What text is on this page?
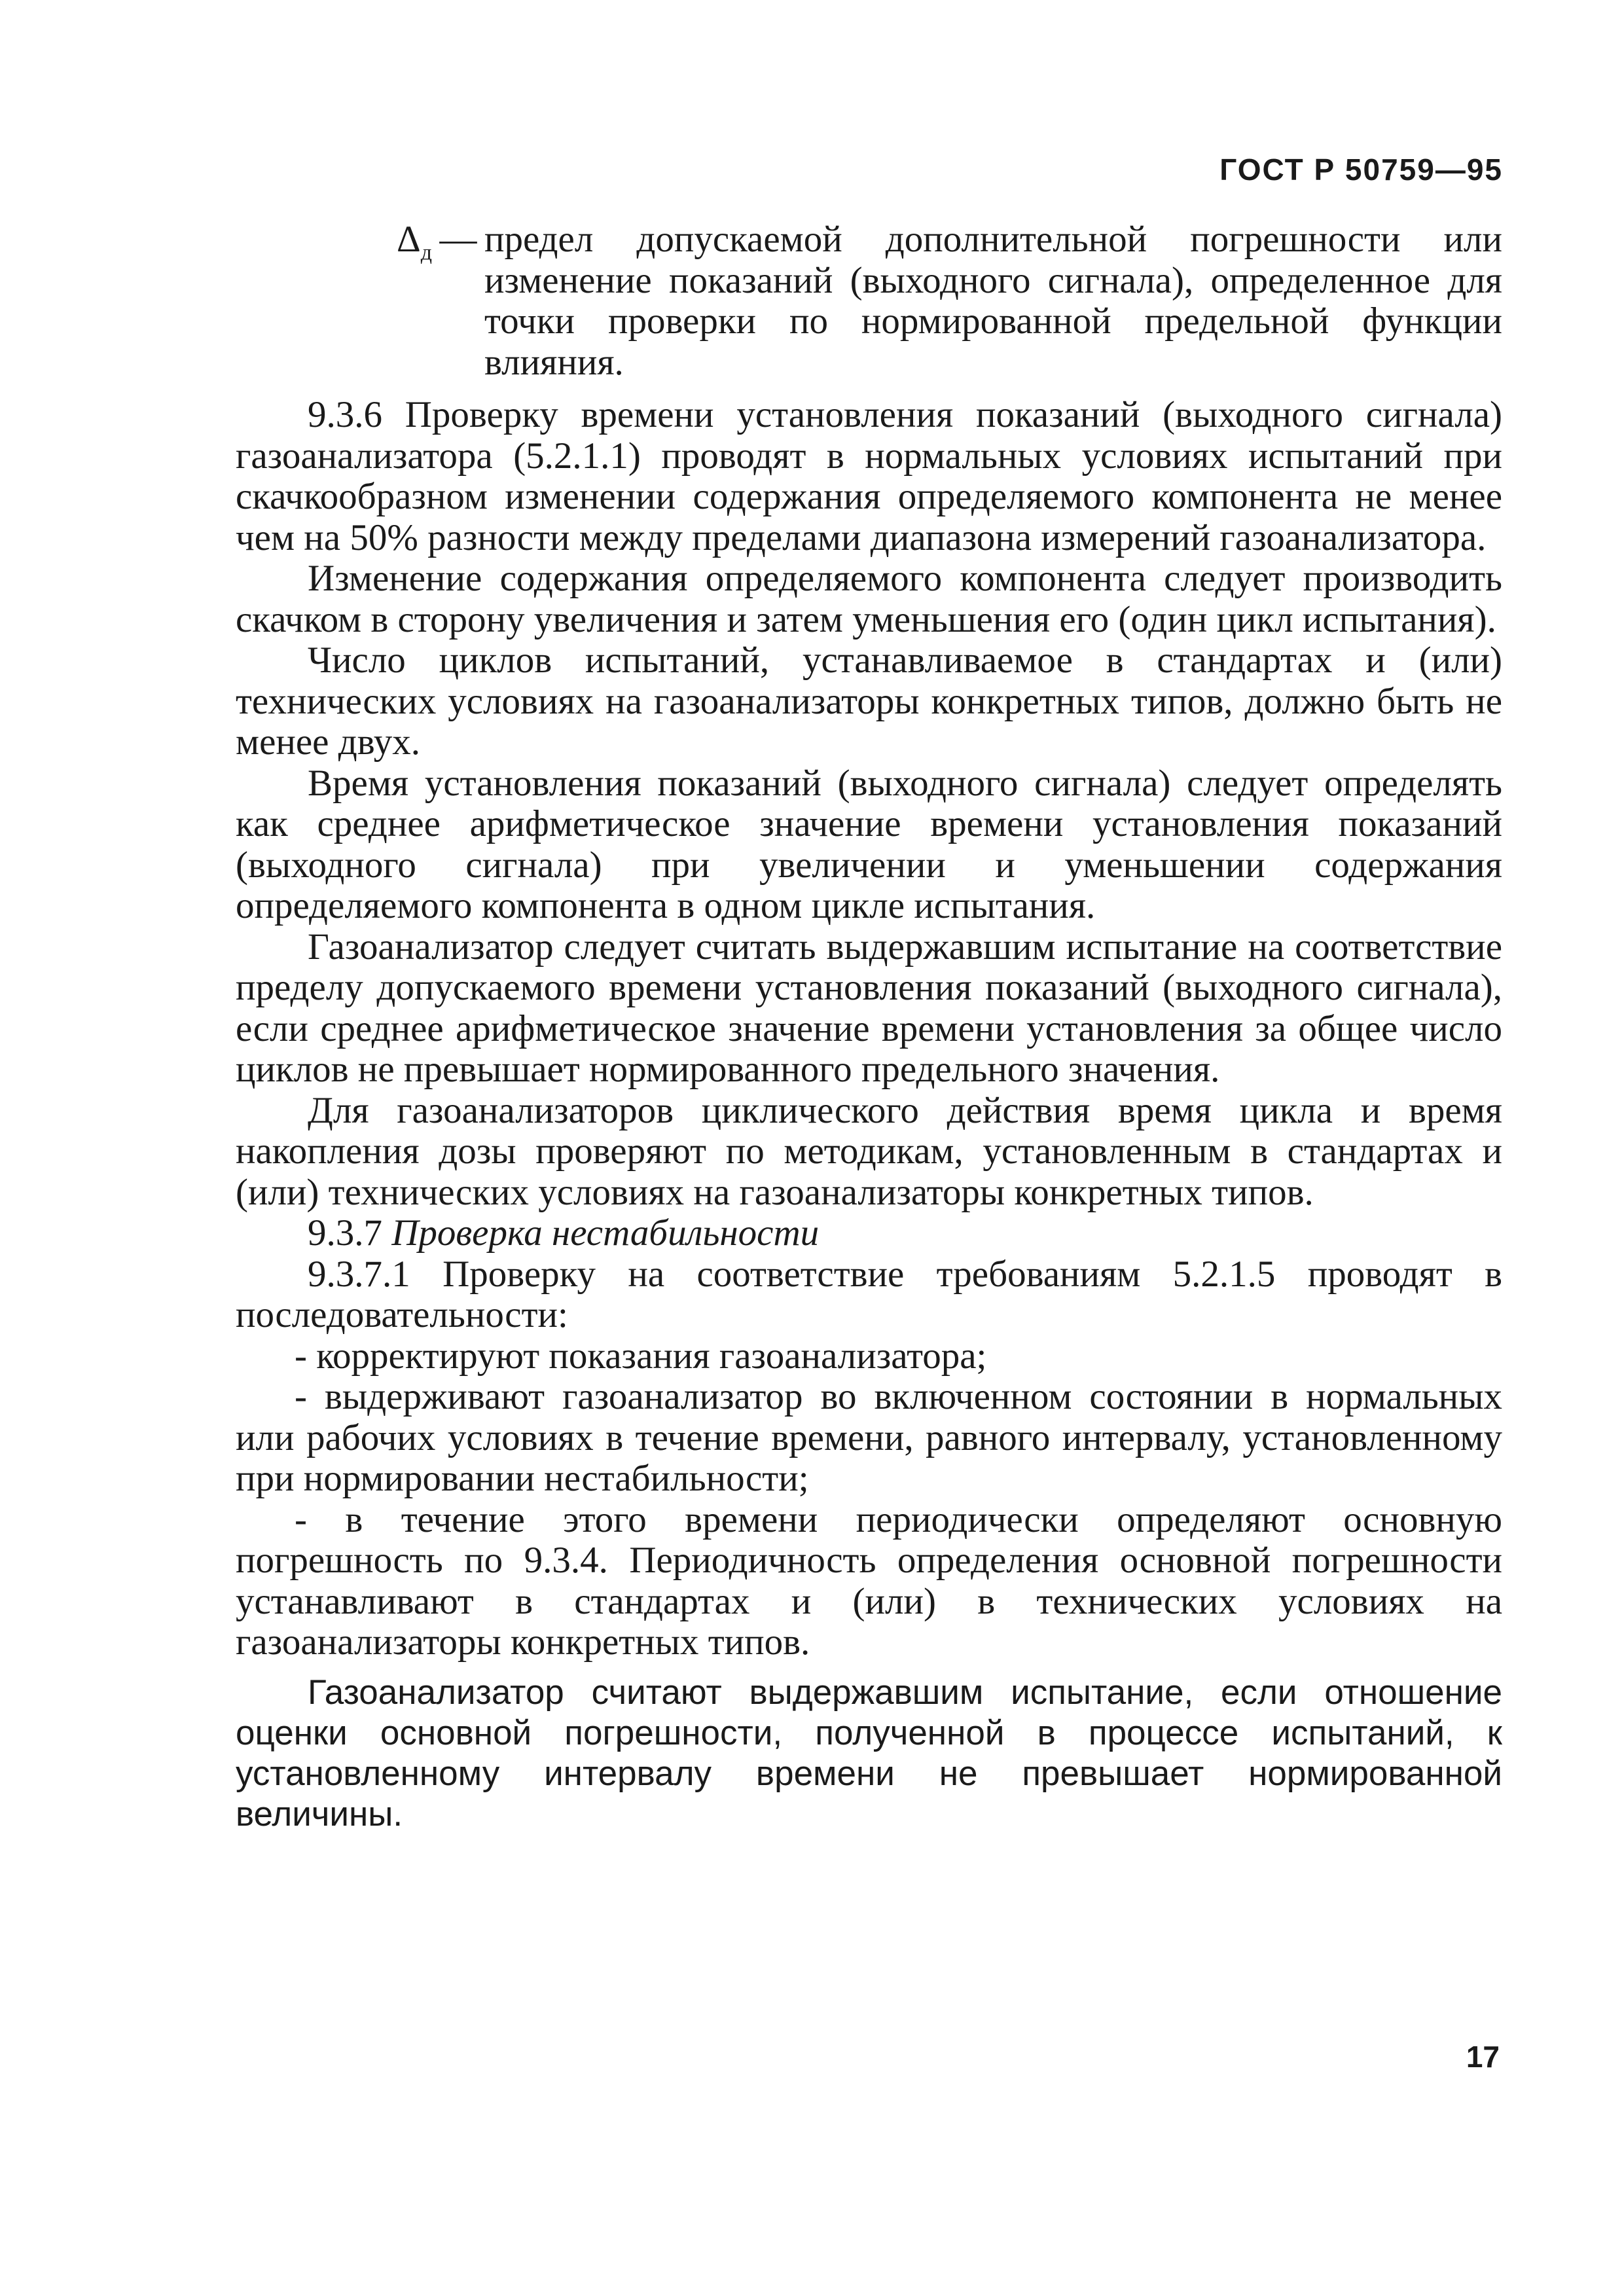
ГОСТ Р 50759—95
$\Delta_д$ — предел допускаемой дополнительной погрешности или изменение показаний (выходного сигнала), определенное для точки проверки по нормированной предельной функции влияния.

9.3.6 Проверку времени установления показаний (выходного сигнала) газоанализатора (5.2.1.1) проводят в нормальных условиях испытаний при скачкообразном изменении содержания определяемого компонента не менее чем на 50% разности между пределами диапазона измерений газоанализатора.

Изменение содержания определяемого компонента следует производить скачком в сторону увеличения и затем уменьшения его (один цикл испытания).

Число циклов испытаний, устанавливаемое в стандартах и (или) технических условиях на газоанализаторы конкретных типов, должно быть не менее двух.

Время установления показаний (выходного сигнала) следует определять как среднее арифметическое значение времени установления показаний (выходного сигнала) при увеличении и уменьшении содержания определяемого компонента в одном цикле испытания.

Газоанализатор следует считать выдержавшим испытание на соответствие пределу допускаемого времени установления показаний (выходного сигнала), если среднее арифметическое значение времени установления за общее число циклов не превышает нормированного предельного значения.

Для газоанализаторов циклического действия время цикла и время накопления дозы проверяют по методикам, установленным в стандартах и (или) технических условиях на газоанализаторы конкретных типов.

9.3.7 Проверка нестабильности

9.3.7.1 Проверку на соответствие требованиям 5.2.1.5 проводят в последовательности:

- корректируют показания газоанализатора;

- выдерживают газоанализатор во включенном состоянии в нормальных или рабочих условиях в течение времени, равного интервалу, установленному при нормировании нестабильности;

- в течение этого времени периодически определяют основную погрешность по 9.3.4. Периодичность определения основной погрешности устанавливают в стандартах и (или) в технических условиях на газоанализаторы конкретных типов.

Газоанализатор считают выдержавшим испытание, если отношение оценки основной погрешности, полученной в процессе испытаний, к установленному интервалу времени не превышает нормированной величины.

17
